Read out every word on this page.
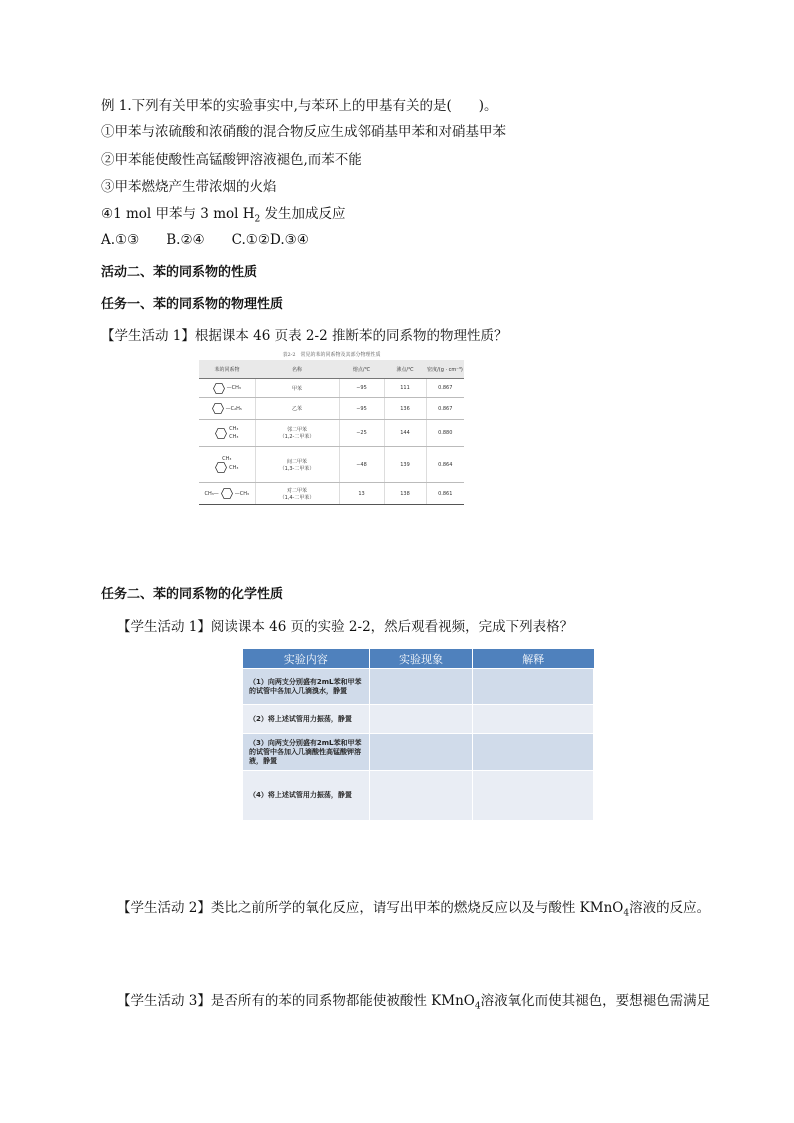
例 1.下列有关甲苯的实验事实中,与苯环上的甲基有关的是(　　)。
①甲苯与浓硫酸和浓硝酸的混合物反应生成邻硝基甲苯和对硝基甲苯
②甲苯能使酸性高锰酸钾溶液褪色,而苯不能
③甲苯燃烧产生带浓烟的火焰
④1 mol 甲苯与 3 mol $H_2$ 发生加成反应
A.①③　　B.②④　　C.①②D.③④
活动二、苯的同系物的性质
任务一、苯的同系物的物理性质
【学生活动 1】根据课本 46 页表 2-2 推断苯的同系物的物理性质？
表2-2　常见的苯的同系物及其部分物理性质
苯的同系物	名称	熔点/℃	沸点/℃	密度/(g · cm⁻³)

—CH₃	甲苯	−95	111	0.867

—C₂H₅	乙苯	−95	136	0.867

CH₃
CH₃	邻二甲苯
（1,2-二甲苯）	−25	144	0.880

CH₃
CH₃	间二甲苯
（1,3-二甲苯）	−48	139	0.864

CH₃— —CH₃	对二甲苯
（1,4-二甲苯）	13	138	0.861
任务二、苯的同系物的化学性质
【学生活动 1】阅读课本 46 页的实验 2-2，然后观看视频，完成下列表格？
实验内容	实验现象	解释
（1）向两支分别盛有2mL苯和甲苯的试管中各加入几滴溴水，静置		
（2）将上述试管用力振荡，静置		
（3）向两支分别盛有2mL苯和甲苯的试管中各加入几滴酸性高锰酸钾溶液，静置		
（4）将上述试管用力振荡，静置		
【学生活动 2】类比之前所学的氧化反应，请写出甲苯的燃烧反应以及与酸性 KMnO$_4$溶液的反应。
【学生活动 3】是否所有的苯的同系物都能使被酸性 KMnO$_4$溶液氧化而使其褪色，要想褪色需满足
